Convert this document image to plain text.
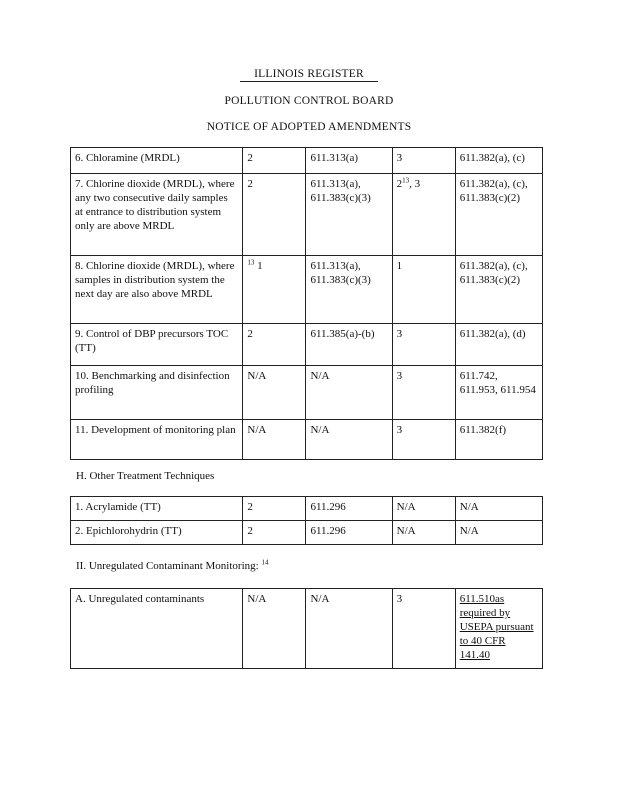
ILLINOIS REGISTER
POLLUTION CONTROL BOARD
NOTICE OF ADOPTED AMENDMENTS
6. Chloramine (MRDL)	2	611.313(a)	3	611.382(a), (c)
7. Chlorine dioxide (MRDL), where any two consecutive daily samples at entrance to distribution system only are above MRDL	2	611.313(a), 611.383(c)(3)	$2^{13}$, 3	611.382(a), (c), 611.383(c)(2)
8. Chlorine dioxide (MRDL), where samples in distribution system the next day are also above MRDL	$^{13}$ 1	611.313(a), 611.383(c)(3)	1	611.382(a), (c), 611.383(c)(2)
9. Control of DBP precursors TOC (TT)	2	611.385(a)-(b)	3	611.382(a), (d)
10. Benchmarking and disinfection profiling	N/A	N/A	3	611.742, 611.953, 611.954
11. Development of monitoring plan	N/A	N/A	3	611.382(f)
H. Other Treatment Techniques
1. Acrylamide (TT)	2	611.296	N/A	N/A
2. Epichlorohydrin (TT)	2	611.296	N/A	N/A
II. Unregulated Contaminant Monitoring: $^{14}$
A. Unregulated contaminants	N/A	N/A	3	611.510as required by USEPA pursuant to 40 CFR 141.40
